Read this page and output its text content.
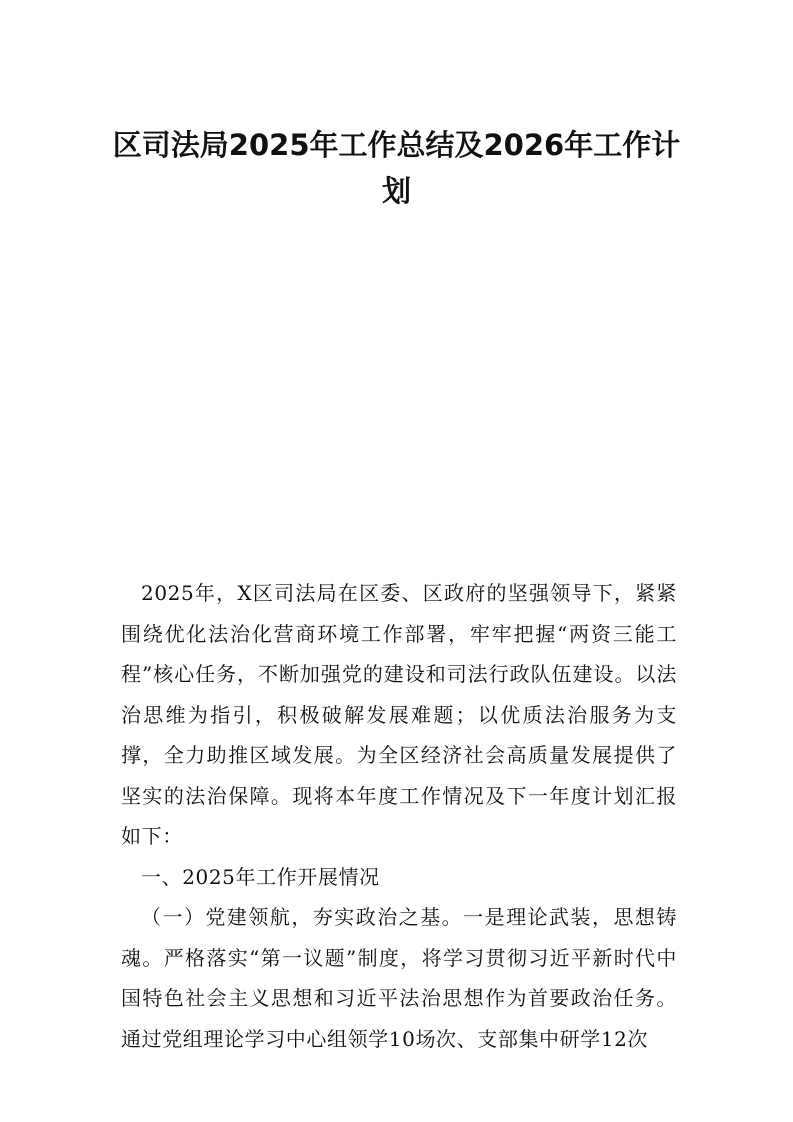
区司法局2025年工作总结及2026年工作计划

2025年，X区司法局在区委、区政府的坚强领导下，紧紧围绕优化法治化营商环境工作部署，牢牢把握“两资三能工程”核心任务，不断加强党的建设和司法行政队伍建设。以法治思维为指引，积极破解发展难题；以优质法治服务为支撑，全力助推区域发展。为全区经济社会高质量发展提供了坚实的法治保障。现将本年度工作情况及下一年度计划汇报如下：

一、2025年工作开展情况

（一）党建领航，夯实政治之基。一是理论武装，思想铸魂。严格落实“第一议题”制度，将学习贯彻习近平新时代中国特色社会主义思想和习近平法治思想作为首要政治任务。通过党组理论学习中心组领学10场次、支部集中研学12次
